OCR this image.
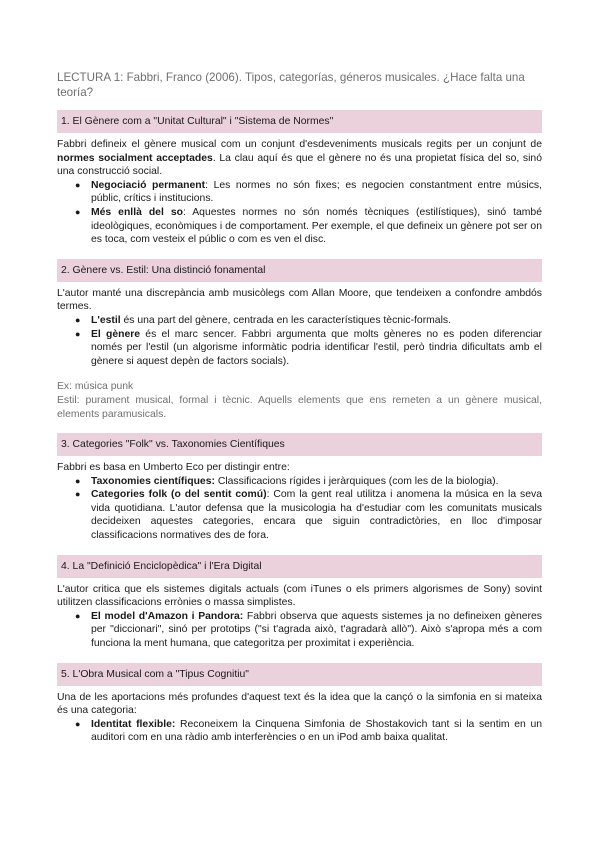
LECTURA 1: Fabbri, Franco (2006). Tipos, categorías, géneros musicales. ¿Hace falta una teoría?
1. El Gènere com a "Unitat Cultural" i "Sistema de Normes"

Fabbri defineix el gènere musical com un conjunt d'esdeveniments musicals regits per un conjunt de normes socialment acceptades. La clau aquí és que el gènere no és una propietat física del so, sinó una construcció social.

● Negociació permanent: Les normes no són fixes; es negocien constantment entre músics, públic, crítics i institucions.
● Més enllà del so: Aquestes normes no són només tècniques (estilístiques), sinó també ideològiques, econòmiques i de comportament. Per exemple, el que defineix un gènere pot ser on es toca, com vesteix el públic o com es ven el disc.
2. Gènere vs. Estil: Una distinció fonamental

L'autor manté una discrepància amb musicòlegs com Allan Moore, que tendeixen a confondre ambdós termes.

● L'estil és una part del gènere, centrada en les característiques tècnic-formals.
● El gènere és el marc sencer. Fabbri argumenta que molts gèneres no es poden diferenciar només per l'estil (un algorisme informàtic podria identificar l'estil, però tindria dificultats amb el gènere si aquest depèn de factors socials).

Ex: música punk

Estil: purament musical, formal i tècnic. Aquells elements que ens remeten a un gènere musical, elements paramusicals.

3. Categories "Folk" vs. Taxonomies Científiques

Fabbri es basa en Umberto Eco per distingir entre:

● Taxonomies científiques: Classificacions rígides i jeràrquiques (com les de la biologia).
● Categories folk (o del sentit comú): Com la gent real utilitza i anomena la música en la seva vida quotidiana. L'autor defensa que la musicologia ha d'estudiar com les comunitats musicals decideixen aquestes categories, encara que siguin contradictòries, en lloc d'imposar classificacions normatives des de fora.
4. La "Definició Enciclopèdica" i l'Era Digital

L'autor critica que els sistemes digitals actuals (com iTunes o els primers algorismes de Sony) sovint utilitzen classificacions errònies o massa simplistes.

● El model d'Amazon i Pandora: Fabbri observa que aquests sistemes ja no defineixen gèneres per "diccionari", sinó per prototips ("si t'agrada això, t'agradarà allò"). Això s'apropa més a com funciona la ment humana, que categoritza per proximitat i experiència.
5. L'Obra Musical com a "Tipus Cognitiu"

Una de les aportacions més profundes d'aquest text és la idea que la cançó o la simfonia en si mateixa és una categoria:

● Identitat flexible: Reconeixem la Cinquena Simfonia de Shostakovich tant si la sentim en un auditori com en una ràdio amb interferències o en un iPod amb baixa qualitat.
